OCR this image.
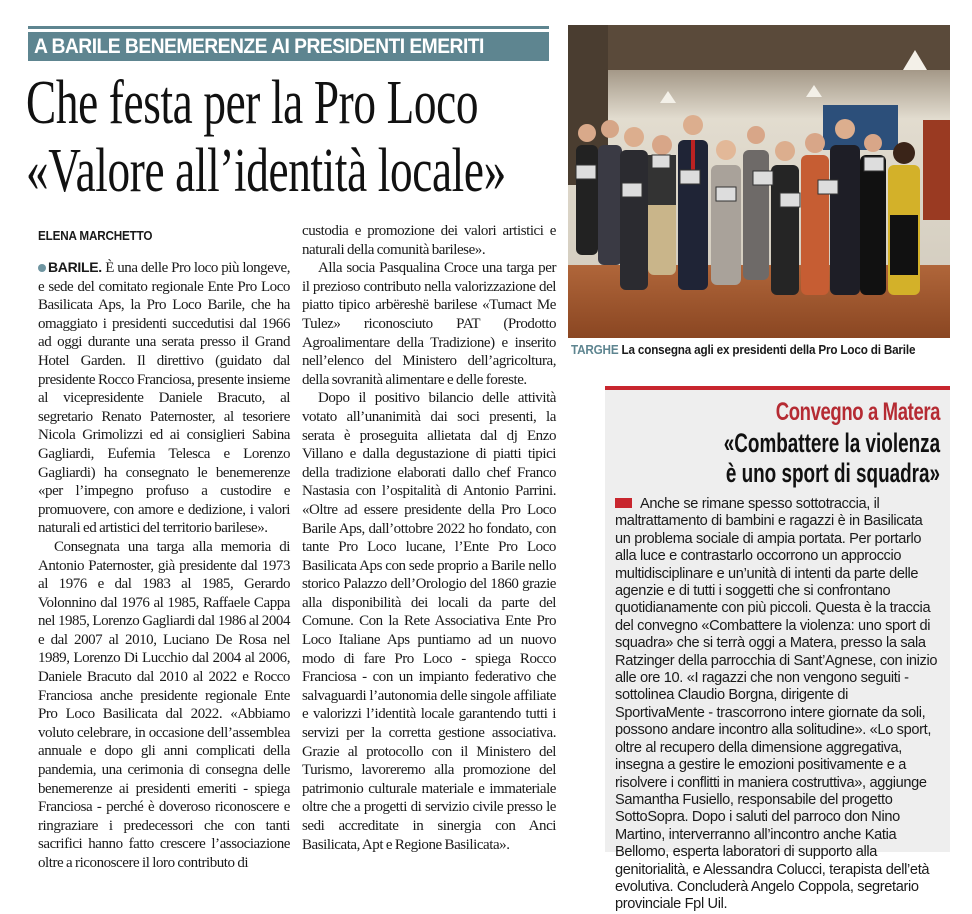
A BARILE BENEMERENZE AI PRESIDENTI EMERITI
Che festa per la Pro Loco
«Valore all’identità locale»
ELENA MARCHETTO

BARILE. È una delle Pro loco più longeve, e sede del comitato regionale Ente Pro Loco Basilicata Aps, la Pro Loco Barile, che ha omaggiato i presidenti succedutisi dal 1966 ad oggi durante una serata presso il Grand Hotel Garden. Il direttivo (guidato dal presidente Rocco Franciosa, presente insieme al vicepresidente Daniele Bracuto, al segretario Renato Paternoster, al tesoriere Nicola Grimolizzi ed ai consiglieri Sabina Gagliardi, Eufemia Telesca e Lorenzo Gagliardi) ha consegnato le benemerenze «per l’impegno profuso a custodire e promuovere, con amore e dedizione, i valori naturali ed artistici del territorio barilese».

Consegnata una targa alla memoria di Antonio Paternoster, già presidente dal 1973 al 1976 e dal 1983 al 1985, Gerardo Volonnino dal 1976 al 1985, Raffaele Cappa nel 1985, Lorenzo Gagliardi dal 1986 al 2004 e dal 2007 al 2010, Luciano De Rosa nel 1989, Lorenzo Di Lucchio dal 2004 al 2006, Daniele Bracuto dal 2010 al 2022 e Rocco Franciosa anche presidente regionale Ente Pro Loco Basilicata dal 2022. «Abbiamo voluto celebrare, in occasione dell’assemblea annuale e dopo gli anni complicati della pandemia, una cerimonia di consegna delle benemerenze ai presidenti emeriti - spiega Franciosa - perché è doveroso riconoscere e ringraziare i predecessori che con tanti sacrifici hanno fatto crescere l’associazione oltre a riconoscere il loro contributo di

custodia e promozione dei valori artistici e naturali della comunità barilese».

Alla socia Pasqualina Croce una targa per il prezioso contributo nella valorizzazione del piatto tipico arbëreshë barilese «Tumact Me Tulez» riconosciuto PAT (Prodotto Agroalimentare della Tradizione) e inserito nell’elenco del Ministero dell’agricoltura, della sovranità alimentare e delle foreste.

Dopo il positivo bilancio delle attività votato all’unanimità dai soci presenti, la serata è proseguita allietata dal dj Enzo Villano e dalla degustazione di piatti tipici della tradizione elaborati dallo chef Franco Nastasia con l’ospitalità di Antonio Parrini. «Oltre ad essere presidente della Pro Loco Barile Aps, dall’ottobre 2022 ho fondato, con tante Pro Loco lucane, l’Ente Pro Loco Basilicata Aps con sede proprio a Barile nello storico Palazzo dell’Orologio del 1860 grazie alla disponibilità dei locali da parte del Comune. Con la Rete Associativa Ente Pro Loco Italiane Aps puntiamo ad un nuovo modo di fare Pro Loco - spiega Rocco Franciosa - con un impianto federativo che salvaguardi l’autonomia delle singole affiliate e valorizzi l’identità locale garantendo tutti i servizi per la corretta gestione associativa. Grazie al protocollo con il Ministero del Turismo, lavoreremo alla promozione del patrimonio culturale materiale e immateriale oltre che a progetti di servizio civile presso le sedi accreditate in sinergia con Anci Basilicata, Apt e Regione Basilicata».

TARGHE La consegna agli ex presidenti della Pro Loco di Barile
Convegno a Matera
«Combattere la violenza
è uno sport di squadra»
Anche se rimane spesso sottotraccia, il maltrattamento di bambini e ragazzi è in Basilicata un problema sociale di ampia portata. Per portarlo alla luce e contrastarlo occorrono un approccio multidisciplinare e un’unità di intenti da parte delle agenzie e di tutti i soggetti che si confrontano quotidianamente con più piccoli. Questa è la traccia del convegno «Combattere la violenza: uno sport di squadra» che si terrà oggi a Matera, presso la sala Ratzinger della parrocchia di Sant’Agnese, con inizio alle ore 10. «I ragazzi che non vengono seguiti - sottolinea Claudio Borgna, dirigente di SportivaMente - trascorrono intere giornate da soli, possono andare incontro alla solitudine». «Lo sport, oltre al recupero della dimensione aggregativa, insegna a gestire le emozioni positivamente e a risolvere i conflitti in maniera costruttiva», aggiunge Samantha Fusiello, responsabile del progetto SottoSopra. Dopo i saluti del parroco don Nino Martino, interverranno all’incontro anche Katia Bellomo, esperta laboratori di supporto alla genitorialità, e Alessandra Colucci, terapista dell’età evolutiva. Concluderà Angelo Coppola, segretario provinciale Fpl Uil.
